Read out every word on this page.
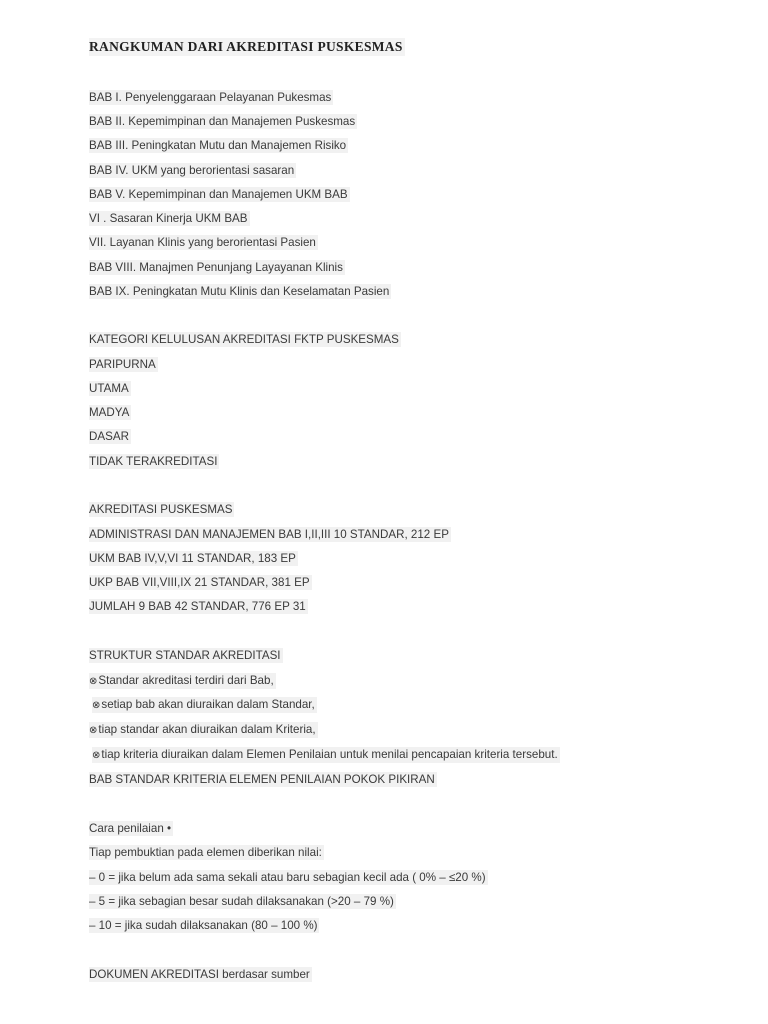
RANGKUMAN DARI AKREDITASI PUSKESMAS
BAB I. Penyelenggaraan Pelayanan Pukesmas
BAB II. Kepemimpinan dan Manajemen Puskesmas
BAB III. Peningkatan Mutu dan Manajemen Risiko
BAB IV. UKM yang berorientasi sasaran
BAB V. Kepemimpinan dan Manajemen UKM BAB
VI . Sasaran Kinerja UKM BAB
VII. Layanan Klinis yang berorientasi Pasien
BAB VIII. Manajmen Penunjang Layayanan Klinis
BAB IX. Peningkatan Mutu Klinis dan Keselamatan Pasien
KATEGORI KELULUSAN AKREDITASI FKTP PUSKESMAS
PARIPURNA
UTAMA
MADYA
DASAR
TIDAK TERAKREDITASI
AKREDITASI PUSKESMAS
ADMINISTRASI DAN MANAJEMEN BAB I,II,III 10 STANDAR, 212 EP
UKM BAB IV,V,VI 11 STANDAR, 183 EP
UKP BAB VII,VIII,IX 21 STANDAR, 381 EP
JUMLAH 9 BAB 42 STANDAR, 776 EP 31
STRUKTUR STANDAR AKREDITASI
⊗Standar akreditasi terdiri dari Bab,
⊗setiap bab akan diuraikan dalam Standar,
⊗tiap standar akan diuraikan dalam Kriteria,
⊗tiap kriteria diuraikan dalam Elemen Penilaian untuk menilai pencapaian kriteria tersebut.
BAB STANDAR KRITERIA ELEMEN PENILAIAN POKOK PIKIRAN
Cara penilaian •
Tiap pembuktian pada elemen diberikan nilai:
– 0 = jika belum ada sama sekali atau baru sebagian kecil ada ( 0% – ≤20 %)
– 5 = jika sebagian besar sudah dilaksanakan (>20 – 79 %)
– 10 = jika sudah dilaksanakan (80 – 100 %)
DOKUMEN AKREDITASI berdasar sumber
